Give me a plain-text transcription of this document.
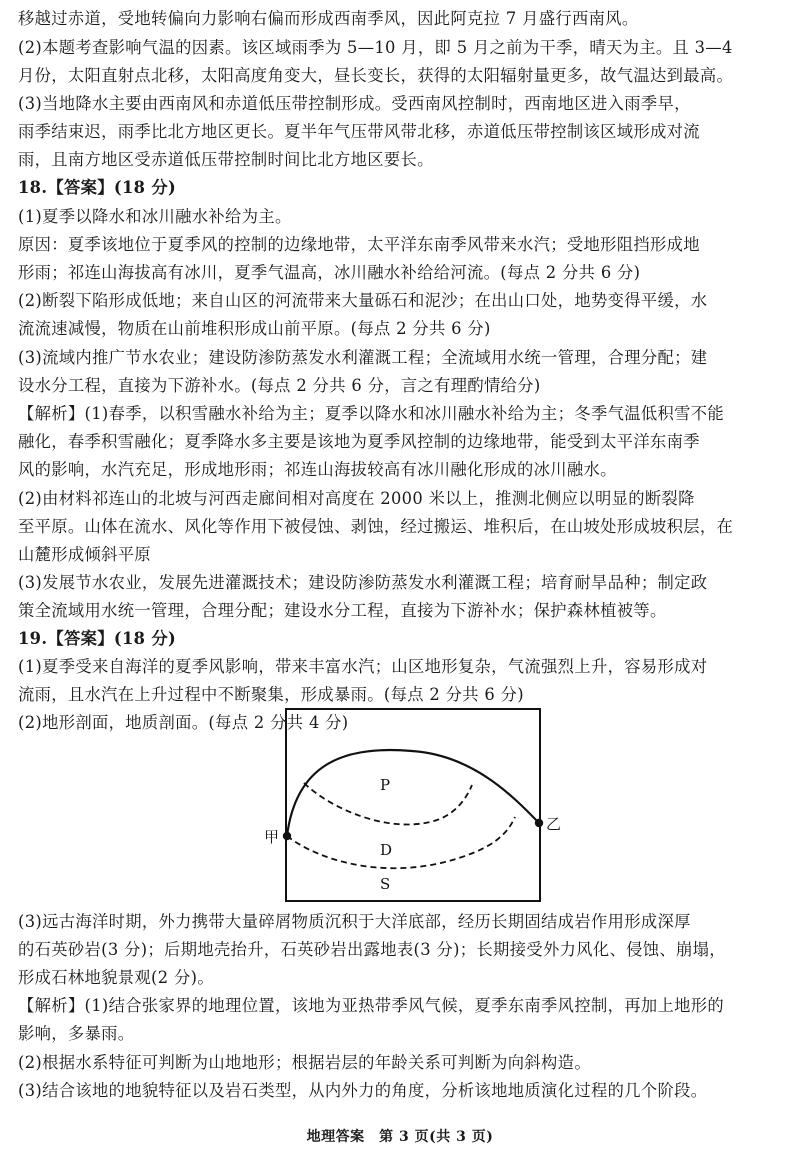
移越过赤道，受地转偏向力影响右偏而形成西南季风，因此阿克拉 7 月盛行西南风。
(2)本题考查影响气温的因素。该区域雨季为 5—10 月，即 5 月之前为干季，晴天为主。且 3—4
月份，太阳直射点北移，太阳高度角变大，昼长变长，获得的太阳辐射量更多，故气温达到最高。
(3)当地降水主要由西南风和赤道低压带控制形成。受西南风控制时，西南地区进入雨季早，
雨季结束迟，雨季比北方地区更长。夏半年气压带风带北移，赤道低压带控制该区域形成对流
雨，且南方地区受赤道低压带控制时间比北方地区要长。
18.【答案】(18 分)
(1)夏季以降水和冰川融水补给为主。
原因：夏季该地位于夏季风的控制的边缘地带，太平洋东南季风带来水汽；受地形阻挡形成地
形雨；祁连山海拔高有冰川，夏季气温高，冰川融水补给给河流。(每点 2 分共 6 分)
(2)断裂下陷形成低地；来自山区的河流带来大量砾石和泥沙；在出山口处，地势变得平缓，水
流流速减慢，物质在山前堆积形成山前平原。(每点 2 分共 6 分)
(3)流域内推广节水农业；建设防渗防蒸发水利灌溉工程；全流域用水统一管理，合理分配；建
设水分工程，直接为下游补水。(每点 2 分共 6 分，言之有理酌情给分)
【解析】(1)春季，以积雪融水补给为主；夏季以降水和冰川融水补给为主；冬季气温低积雪不能
融化，春季积雪融化；夏季降水多主要是该地为夏季风控制的边缘地带，能受到太平洋东南季
风的影响，水汽充足，形成地形雨；祁连山海拔较高有冰川融化形成的冰川融水。
(2)由材料祁连山的北坡与河西走廊间相对高度在 2000 米以上，推测北侧应以明显的断裂降
至平原。山体在流水、风化等作用下被侵蚀、剥蚀，经过搬运、堆积后，在山坡处形成坡积层，在
山麓形成倾斜平原
(3)发展节水农业，发展先进灌溉技术；建设防渗防蒸发水利灌溉工程；培育耐旱品种；制定政
策全流域用水统一管理，合理分配；建设水分工程，直接为下游补水；保护森林植被等。
19.【答案】(18 分)
(1)夏季受来自海洋的夏季风影响，带来丰富水汽；山区地形复杂，气流强烈上升，容易形成对
流雨，且水汽在上升过程中不断聚集，形成暴雨。(每点 2 分共 6 分)
(2)地形剖面，地质剖面。(每点 2 分共 4 分)
P
D
S
甲
乙
(3)远古海洋时期，外力携带大量碎屑物质沉积于大洋底部，经历长期固结成岩作用形成深厚
的石英砂岩(3 分)；后期地壳抬升，石英砂岩出露地表(3 分)；长期接受外力风化、侵蚀、崩塌，
形成石林地貌景观(2 分)。
【解析】(1)结合张家界的地理位置，该地为亚热带季风气候，夏季东南季风控制，再加上地形的
影响，多暴雨。
(2)根据水系特征可判断为山地地形；根据岩层的年龄关系可判断为向斜构造。
(3)结合该地的地貌特征以及岩石类型，从内外力的角度，分析该地地质演化过程的几个阶段。
地理答案　第 3 页(共 3 页)
